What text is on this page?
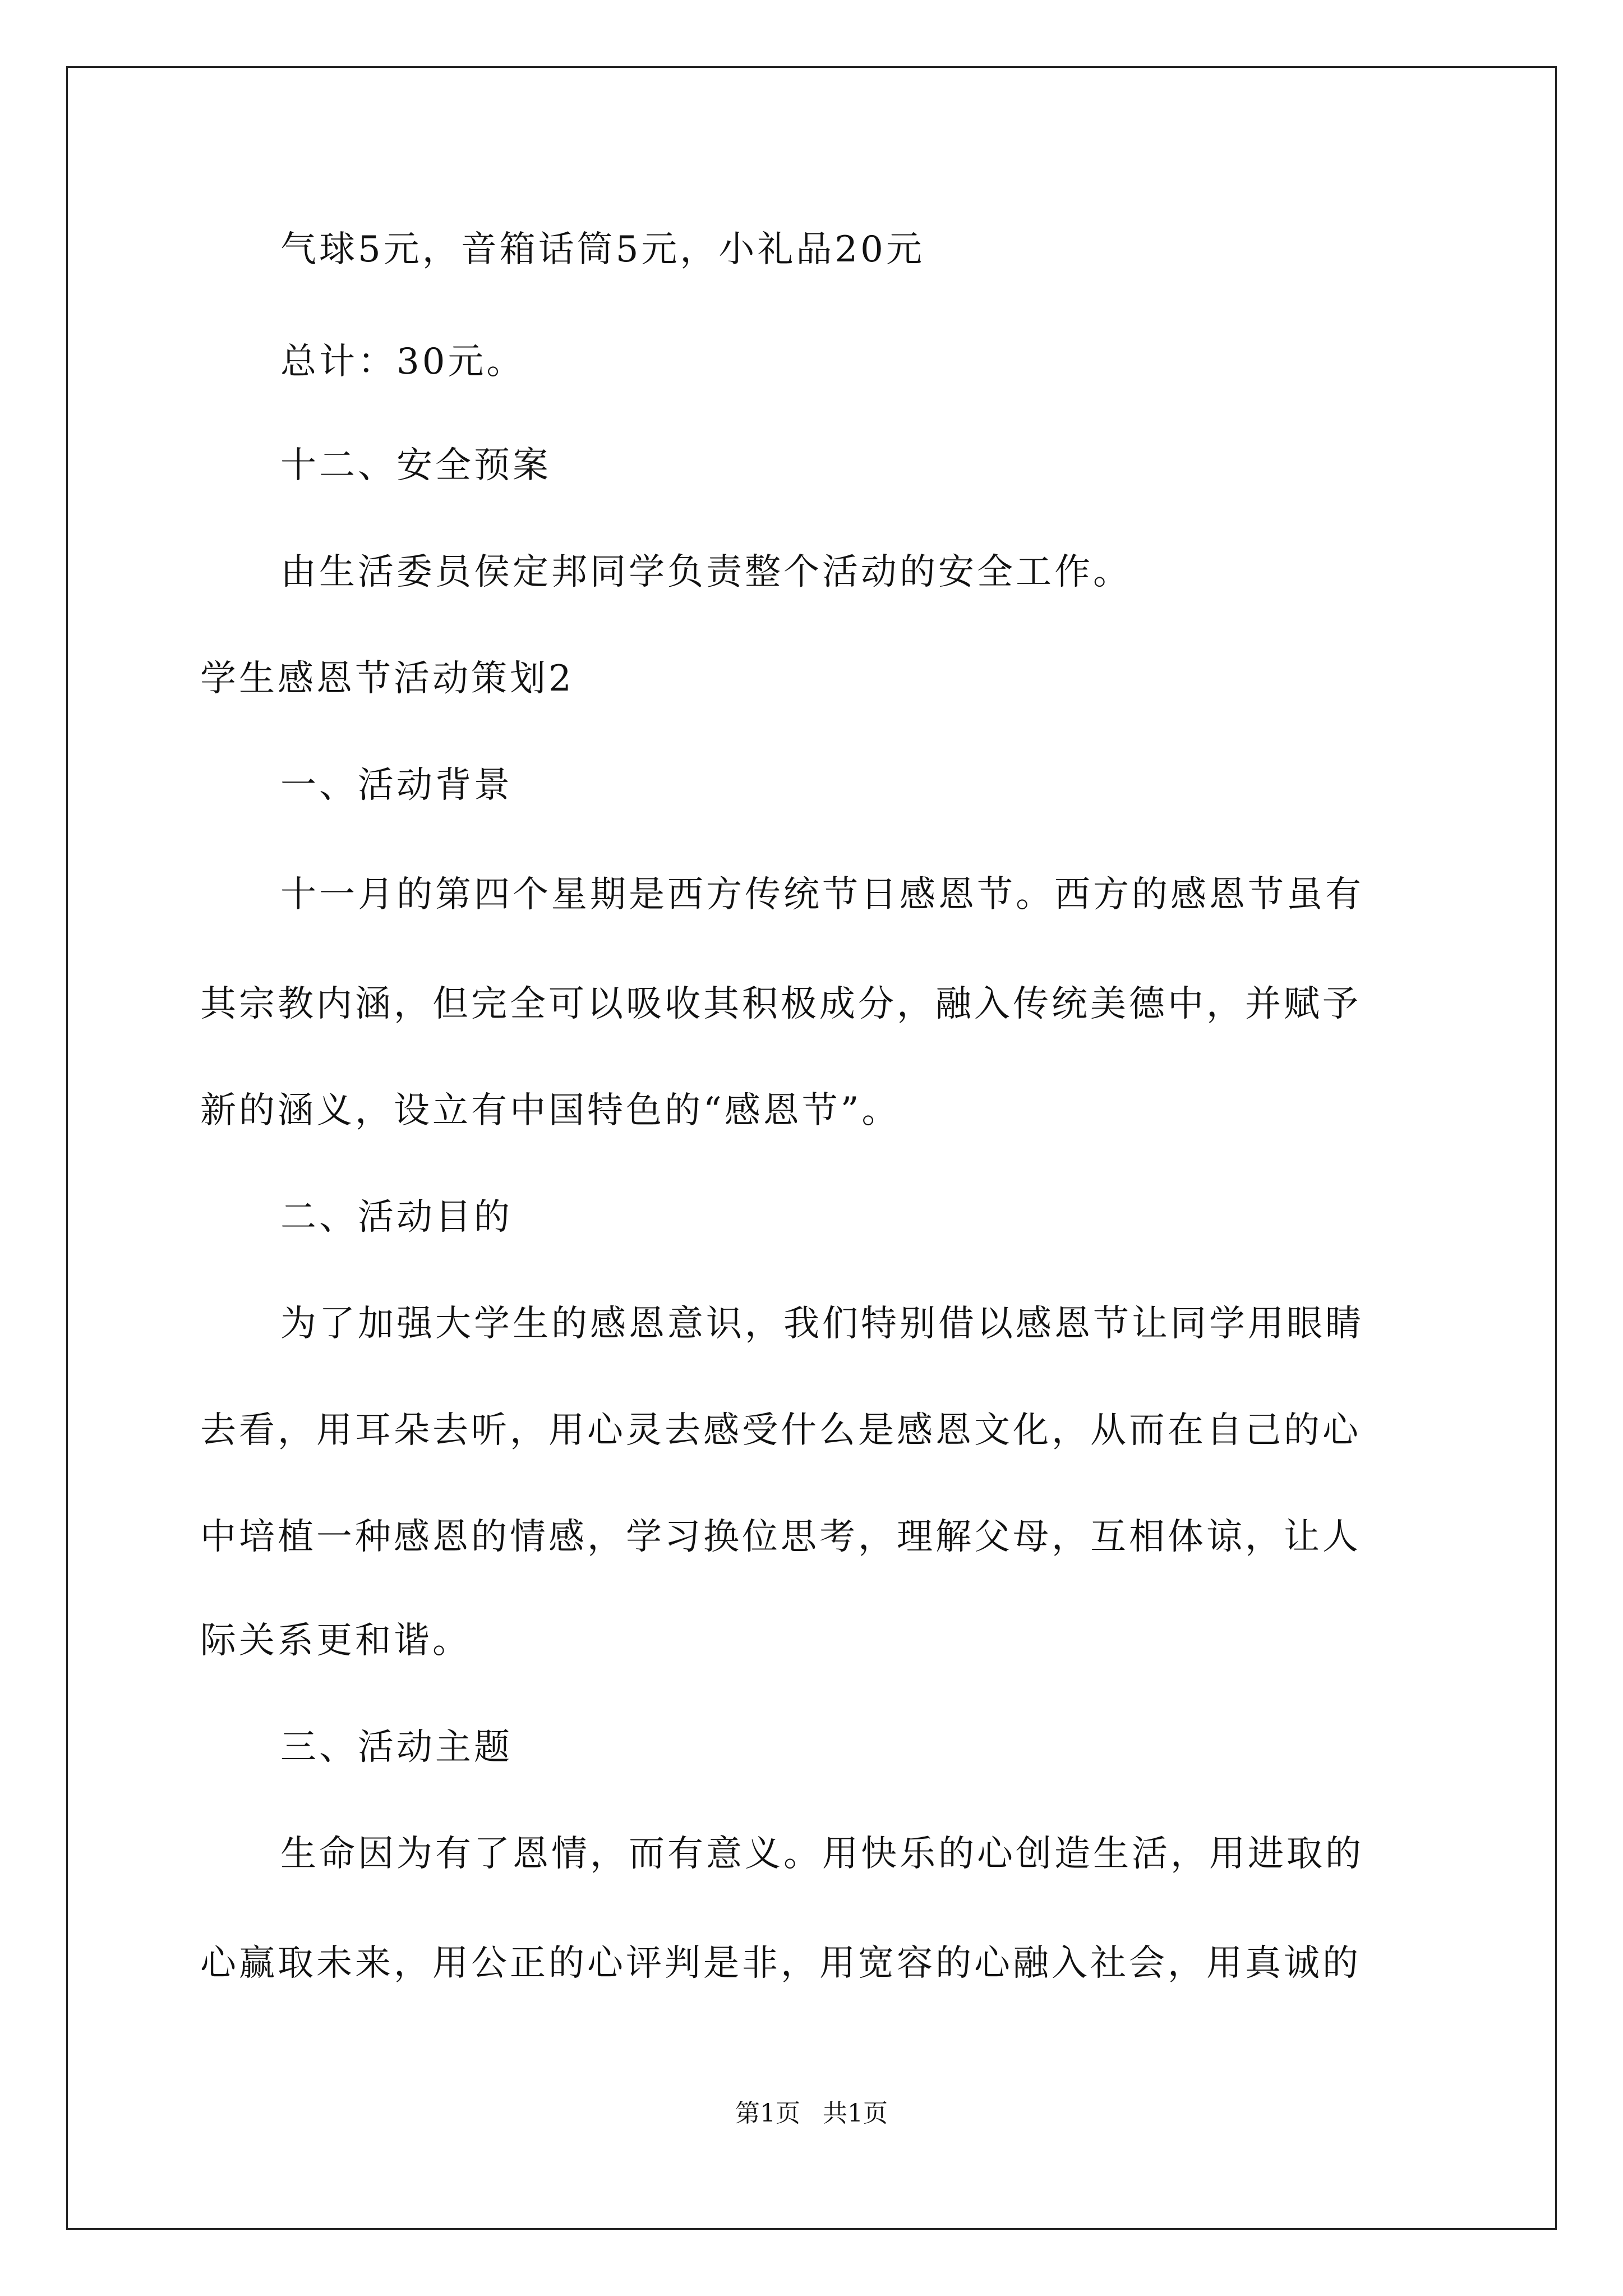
气球5元，音箱话筒5元，小礼品20元
总计：30元。
十二、安全预案
由生活委员侯定邦同学负责整个活动的安全工作。
学生感恩节活动策划2
一、活动背景
十一月的第四个星期是西方传统节日感恩节。西方的感恩节虽有
其宗教内涵，但完全可以吸收其积极成分，融入传统美德中，并赋予
新的涵义，设立有中国特色的“感恩节”。
二、活动目的
为了加强大学生的感恩意识，我们特别借以感恩节让同学用眼睛
去看，用耳朵去听，用心灵去感受什么是感恩文化，从而在自己的心
中培植一种感恩的情感，学习换位思考，理解父母，互相体谅，让人
际关系更和谐。
三、活动主题
生命因为有了恩情，而有意义。用快乐的心创造生活，用进取的
心赢取未来，用公正的心评判是非，用宽容的心融入社会，用真诚的
第1页 共1页
